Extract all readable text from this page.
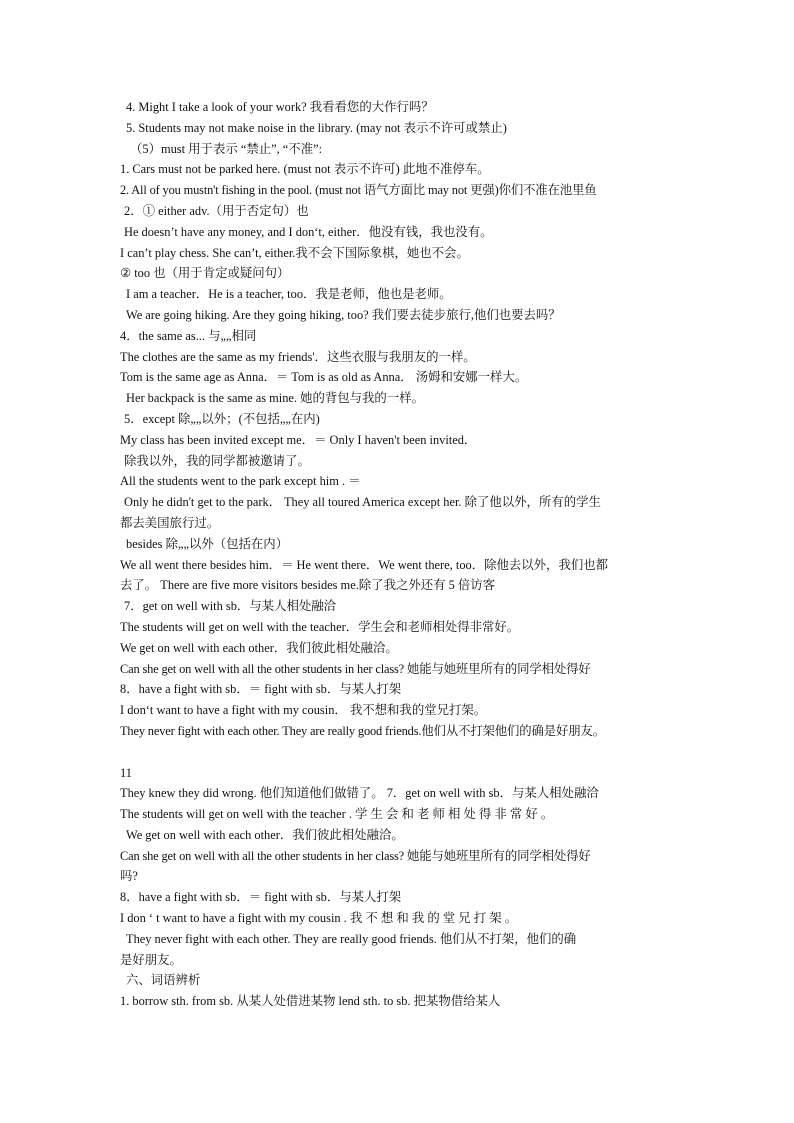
4. Might I take a look of your work? 我看看您的大作行吗？
5. Students may not make noise in the library. (may not 表示不许可或禁止)
（5）must 用于表示 “禁止”, “不准”:
1. Cars must not be parked here. (must not 表示不许可) 此地不准停车。
2. All of you mustn't fishing in the pool. (must not 语气方面比 may not 更强)你们不准在池里鱼
2．① either adv.（用于否定句）也
He doesn’t have any money, and I don‘t, either．他没有钱，我也没有。
I can’t play chess. She can’t, either.我不会下国际象棋，她也不会。
② too 也（用于肯定或疑问句）
I am a teacher．He is a teacher, too．我是老师，他也是老师。
We are going hiking. Are they going hiking, too? 我们要去徒步旅行,他们也要去吗？
4．the same as... 与„„相同
The clothes are the same as my friends'．这些衣服与我朋友的一样。
Tom is the same age as Anna．＝ Tom is as old as Anna． 汤姆和安娜一样大。
Her backpack is the same as mine. 她的背包与我的一样。
5．except 除„„以外；(不包括„„在内)
My class has been invited except me．＝ Only I haven't been invited．
除我以外，我的同学都被邀请了。
All the students went to the park except him . ＝
Only he didn't get to the park． They all toured America except her. 除了他以外，所有的学生
都去美国旅行过。
besides 除„„以外（包括在内）
We all went there besides him．＝ He went there．We went there, too．除他去以外，我们也都
去了。 There are five more visitors besides me.除了我之外还有 5 倍访客
7．get on well with sb．与某人相处融洽
The students will get on well with the teacher．学生会和老师相处得非常好。
We get on well with each other．我们彼此相处融洽。
Can she get on well with all the other students in her class? 她能与她班里所有的同学相处得好
8．have a fight with sb．＝ fight with sb．与某人打架
I don‘t want to have a fight with my cousin． 我不想和我的堂兄打架。
They never fight with each other. They are really good friends.他们从不打架他们的确是好朋友。
11
They knew they did wrong. 他们知道他们做错了。 7．get on well with sb．与某人相处融洽
The students will get on well with the teacher . 学 生 会 和 老 师 相 处 得 非 常 好 。
We get on well with each other．我们彼此相处融洽。
Can she get on well with all the other students in her class? 她能与她班里所有的同学相处得好
吗?
8．have a fight with sb．＝ fight with sb．与某人打架
I don ‘ t want to have a fight with my cousin . 我 不 想 和 我 的 堂 兄 打 架 。
They never fight with each other. They are really good friends. 他们从不打架，他们的确
是好朋友。
六、词语辨析
1. borrow sth. from sb. 从某人处借进某物 lend sth. to sb. 把某物借给某人
